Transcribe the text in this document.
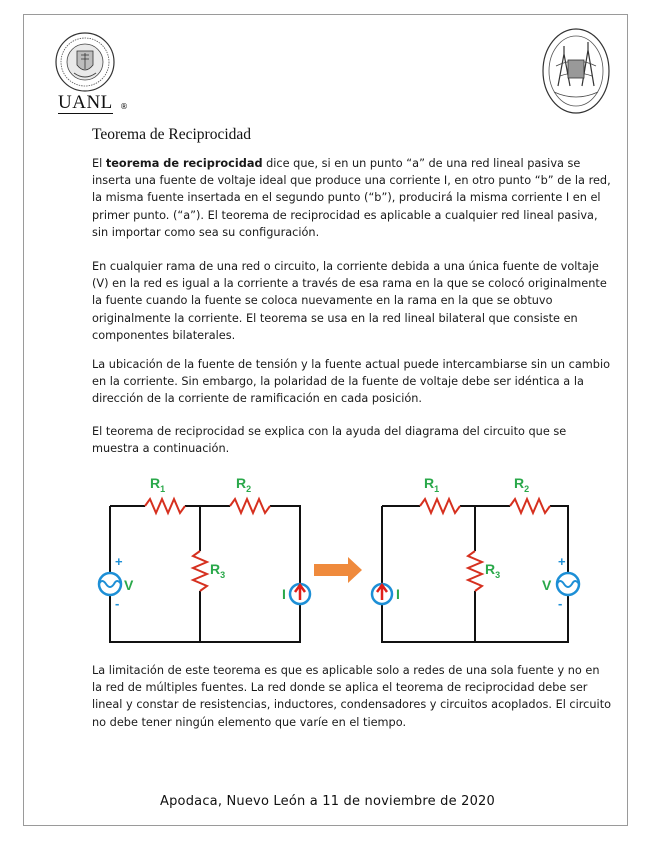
UANL ®
Teorema de Reciprocidad

El teorema de reciprocidad dice que, si en un punto “a” de una red lineal pasiva se inserta una fuente de voltaje ideal que produce una corriente I, en otro punto “b” de la red, la misma fuente insertada en el segundo punto (“b”), producirá la misma corriente I en el primer punto. (“a”). El teorema de reciprocidad es aplicable a cualquier red lineal pasiva, sin importar como sea su configuración.

En cualquier rama de una red o circuito, la corriente debida a una única fuente de voltaje (V) en la red es igual a la corriente a través de esa rama en la que se colocó originalmente la fuente cuando la fuente se coloca nuevamente en la rama en la que se obtuvo originalmente la corriente. El teorema se usa en la red lineal bilateral que consiste en componentes bilaterales.

La ubicación de la fuente de tensión y la fuente actual puede intercambiarse sin un cambio en la corriente. Sin embargo, la polaridad de la fuente de voltaje debe ser idéntica a la dirección de la corriente de ramificación en cada posición.

El teorema de reciprocidad se explica con la ayuda del diagrama del circuito que se muestra a continuación.

$R_1$	$R_2$
$R_3$
+
-
V
I
$R_1$	$R_2$
$R_3$
I
+
-
V

La limitación de este teorema es que es aplicable solo a redes de una sola fuente y no en la red de múltiples fuentes. La red donde se aplica el teorema de reciprocidad debe ser lineal y constar de resistencias, inductores, condensadores y circuitos acoplados. El circuito no debe tener ningún elemento que varíe en el tiempo.

Apodaca, Nuevo León a 11 de noviembre de 2020
